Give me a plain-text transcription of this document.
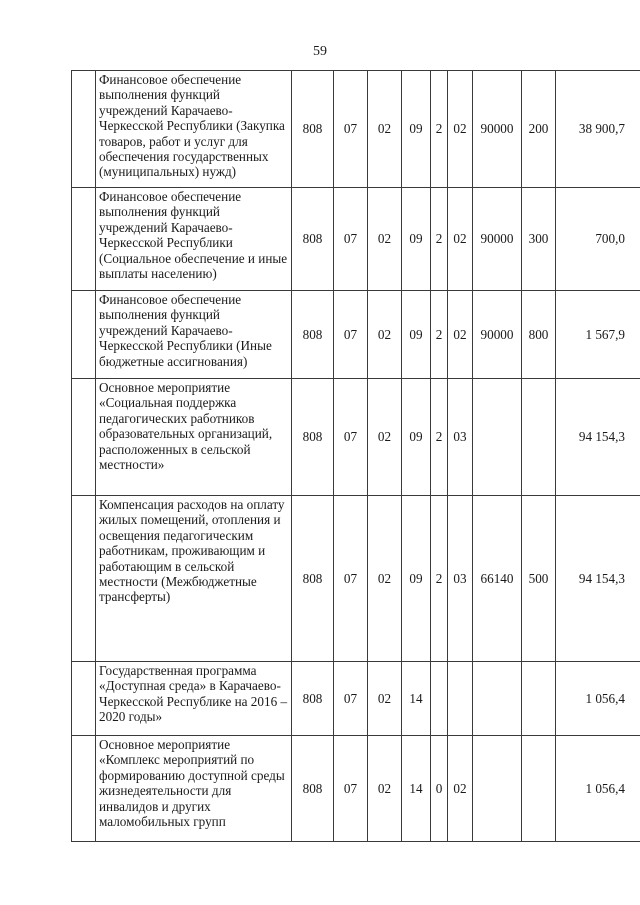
59
	Финансовое обеспечение выполнения функций учреждений Карачаево-Черкесской Республики (Закупка товаров, работ и услуг для обеспечения государственных (муниципальных) нужд)	808	07	02	09	2	02	90000	200	38 900,7
	Финансовое обеспечение выполнения функций учреждений Карачаево-Черкесской Республики (Социальное обеспечение и иные выплаты населению)	808	07	02	09	2	02	90000	300	700,0
	Финансовое обеспечение выполнения функций учреждений Карачаево-Черкесской Республики (Иные бюджетные ассигнования)	808	07	02	09	2	02	90000	800	1 567,9
	Основное мероприятие «Социальная поддержка педагогических работников образовательных организаций, расположенных в сельской местности»	808	07	02	09	2	03			94 154,3
	Компенсация расходов на оплату жилых помещений, отопления и освещения педагогическим работникам, проживающим и работающим в сельской местности (Межбюджетные трансферты)	808	07	02	09	2	03	66140	500	94 154,3
	Государственная программа «Доступная среда» в Карачаево-Черкесской Республике на 2016 – 2020 годы»	808	07	02	14					1 056,4
	Основное мероприятие «Комплекс мероприятий по формированию доступной среды жизнедеятельности для инвалидов и других маломобильных групп	808	07	02	14	0	02			1 056,4
